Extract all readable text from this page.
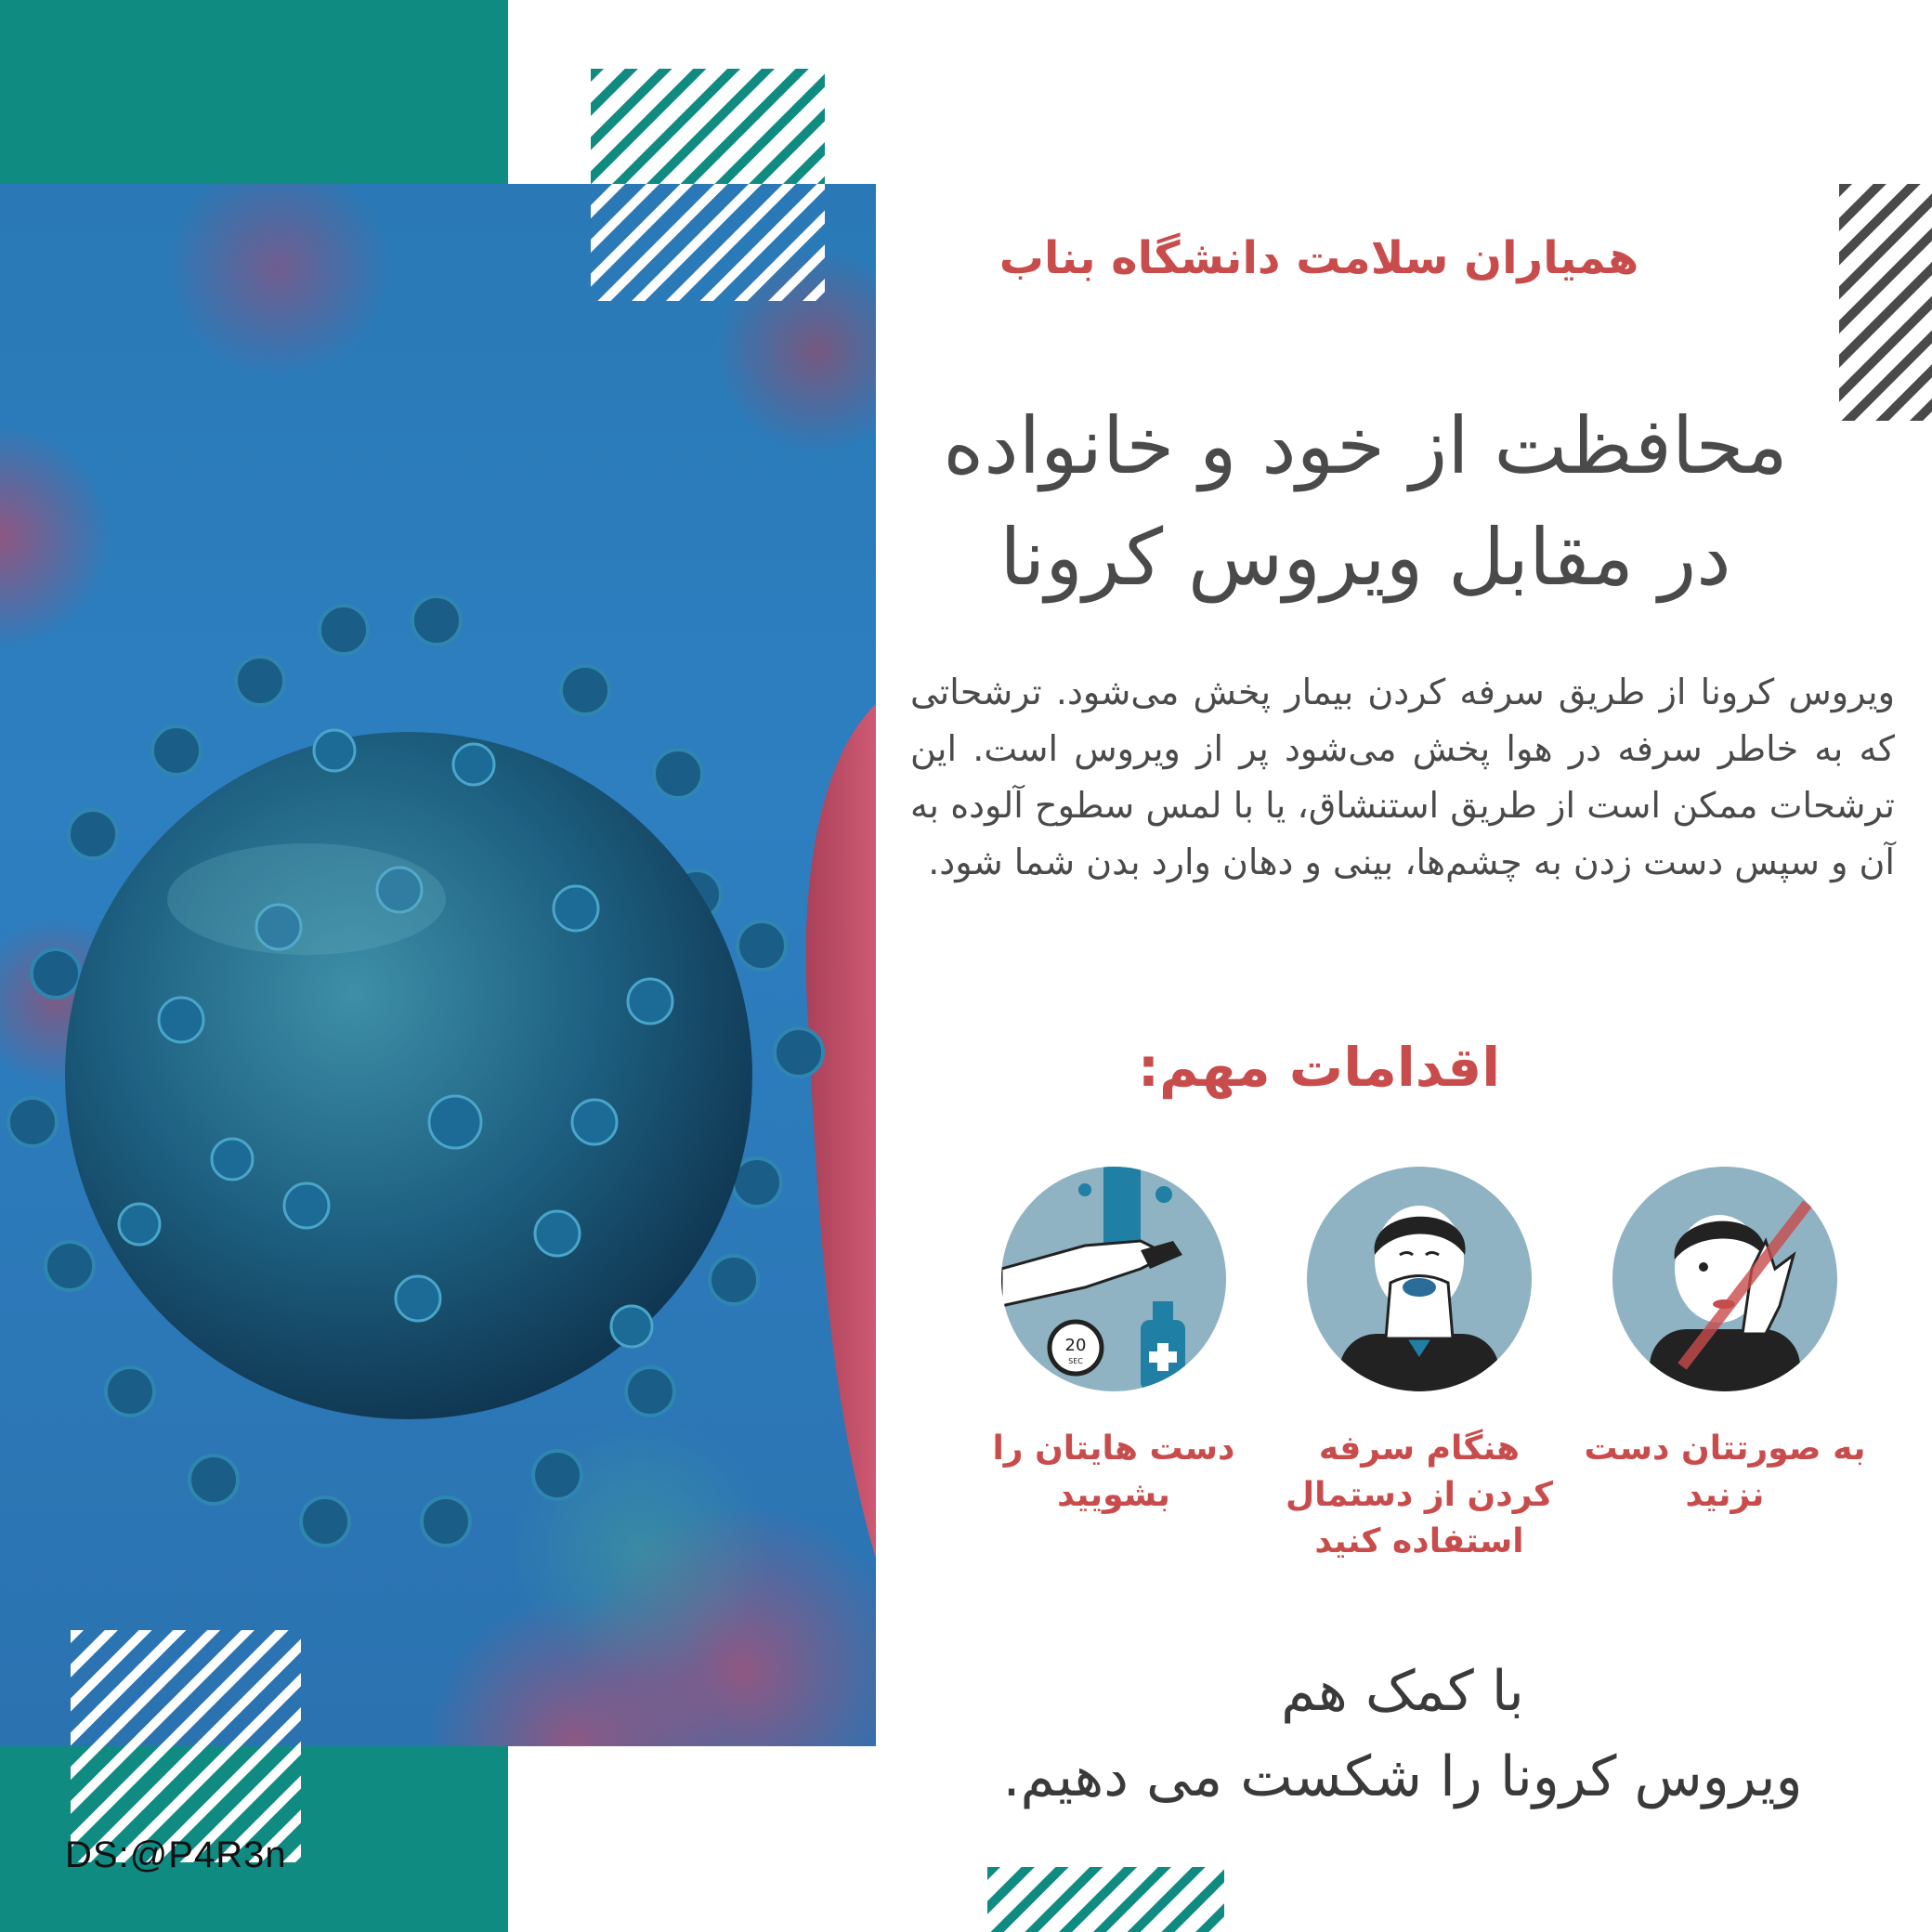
همیاران سلامت دانشگاه بناب
محافظت از خود و خانواده
در مقابل ویروس کرونا
ویروس کرونا از طریق سرفه کردن بیمار پخش می‌شود. ترشحاتی که به خاطر سرفه در هوا پخش می‌شود پر از ویروس است. این ترشحات ممکن است از طریق استنشاق، یا با لمس سطوح آلوده به آن و سپس دست زدن به چشم‌ها، بینی و دهان وارد بدن شما شود.
اقدامات مهم:
به صورتتان دست نزنید
هنگام سرفه کردن از دستمال استفاده کنید
20
SEC
دست هایتان را بشویید
با کمک هم
ویروس کرونا را شکست می دهیم.
DS:@P4R3n
